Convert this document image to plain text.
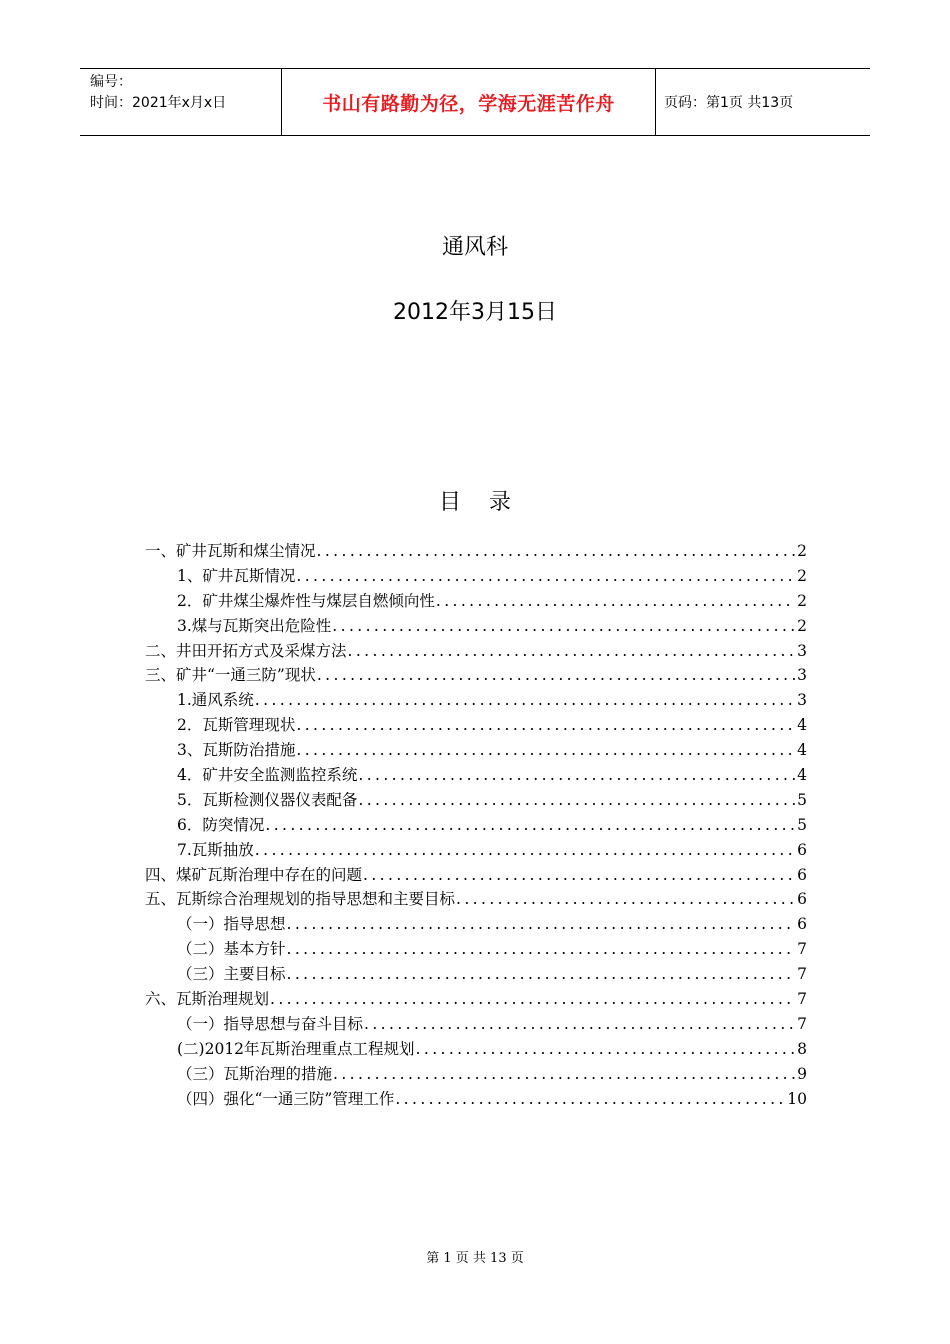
编号：
时间：2021年x月x日	书山有路勤为径，学海无涯苦作舟	页码：第1页 共13页
通风科
2012年3月15日
目录
一、矿井瓦斯和煤尘情况 .....	2
1、矿井瓦斯情况 .....	2
2．矿井煤尘爆炸性与煤层自燃倾向性 .....	2
3.煤与瓦斯突出危险性 .....	2
二、井田开拓方式及采煤方法 .....	3
三、矿井“一通三防”现状 .....	3
1.通风系统 .....	3
2．瓦斯管理现状 .....	4
3、瓦斯防治措施 .....	4
4．矿井安全监测监控系统 .....	4
5．瓦斯检测仪器仪表配备 .....	5
6．防突情况 .....	5
7.瓦斯抽放 .....	6
四、煤矿瓦斯治理中存在的问题 .....	6
五、瓦斯综合治理规划的指导思想和主要目标 .....	6
（一）指导思想 .....	6
（二）基本方针 .....	7
（三）主要目标 .....	7
六、瓦斯治理规划 .....	7
（一）指导思想与奋斗目标 .....	7
(二)2012年瓦斯治理重点工程规划 .....	8
（三）瓦斯治理的措施 .....	9
（四）强化“一通三防”管理工作 .....	10
第 1 页 共 13 页
